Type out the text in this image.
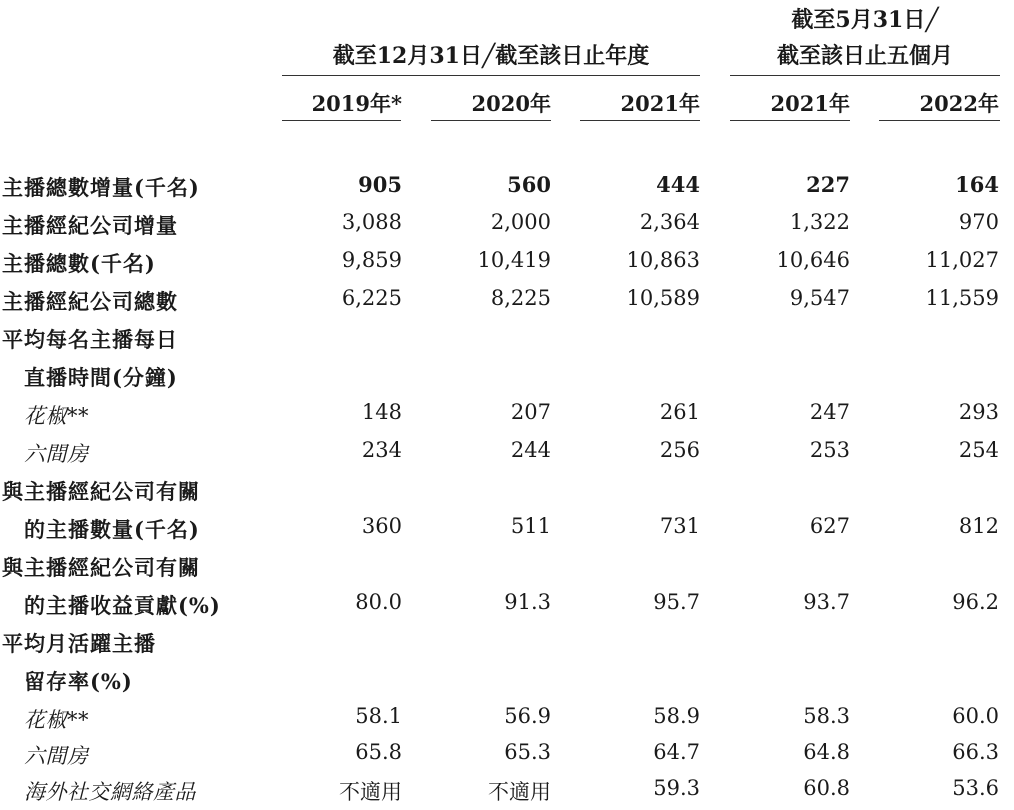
截至12月31日╱截至該日止年度
截至5月31日╱
截至該日止五個月
2019年*	2020年	2021年	2021年	2022年
主播總數增量(千名)	905	560	444	227	164
主播經紀公司增量	3,088	2,000	2,364	1,322	970
主播總數(千名)	9,859	10,419	10,863	10,646	11,027
主播經紀公司總數	6,225	8,225	10,589	9,547	11,559
平均每名主播每日
直播時間(分鐘)
花椒**	148	207	261	247	293
六間房	234	244	256	253	254
與主播經紀公司有關
的主播數量(千名)	360	511	731	627	812
與主播經紀公司有關
的主播收益貢獻(%)	80.0	91.3	95.7	93.7	96.2
平均月活躍主播
留存率(%)
花椒**	58.1	56.9	58.9	58.3	60.0
六間房	65.8	65.3	64.7	64.8	66.3
海外社交網絡產品	不適用	不適用	59.3	60.8	53.6
